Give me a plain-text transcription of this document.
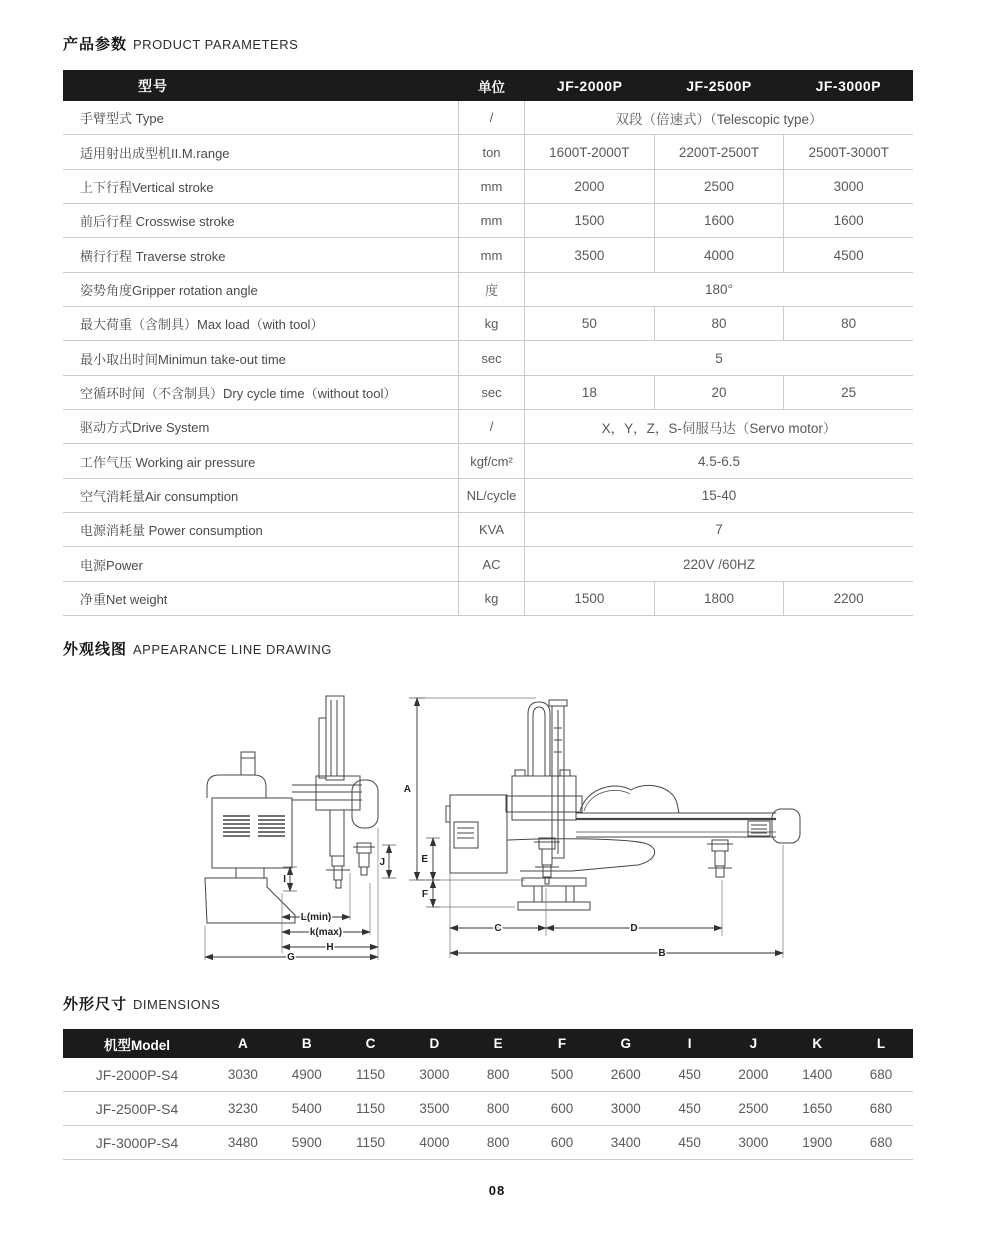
产品参数 PRODUCT PARAMETERS
型号	单位	JF-2000P	JF-2500P	JF-3000P
手臂型式 Type	/	双段（倍速式）（Telescopic type）
适用射出成型机II.M.range	ton	1600T-2000T	2200T-2500T	2500T-3000T
上下行程Vertical stroke	mm	2000	2500	3000
前后行程 Crosswise stroke	mm	1500	1600	1600
横行行程 Traverse stroke	mm	3500	4000	4500
姿势角度Gripper rotation angle	度	180°
最大荷重（含制具）Max load（with tool）	kg	50	80	80
最小取出时间Minimun take-out time	sec	5
空循环时间（不含制具）Dry cycle time（without tool）	sec	18	20	25
驱动方式Drive System	/	X，Y，Z，S-伺服马达（Servo motor）
工作气压 Working air pressure	kgf/cm²	4.5-6.5
空气消耗量Air consumption	NL/cycle	15-40
电源消耗量 Power consumption	KVA	7
电源Power	AC	220V /60HZ
净重Net weight	kg	1500	1800	2200
外观线图 APPEARANCE LINE DRAWING
I
J
L(min)
k(max)
H
G
A
E
F
C	D
B
外形尺寸 DIMENSIONS
机型Model	A	B	C	D	E	F	G	I	J	K	L
JF-2000P-S4	3030	4900	1150	3000	800	500	2600	450	2000	1400	680
JF-2500P-S4	3230	5400	1150	3500	800	600	3000	450	2500	1650	680
JF-3000P-S4	3480	5900	1150	4000	800	600	3400	450	3000	1900	680
08
